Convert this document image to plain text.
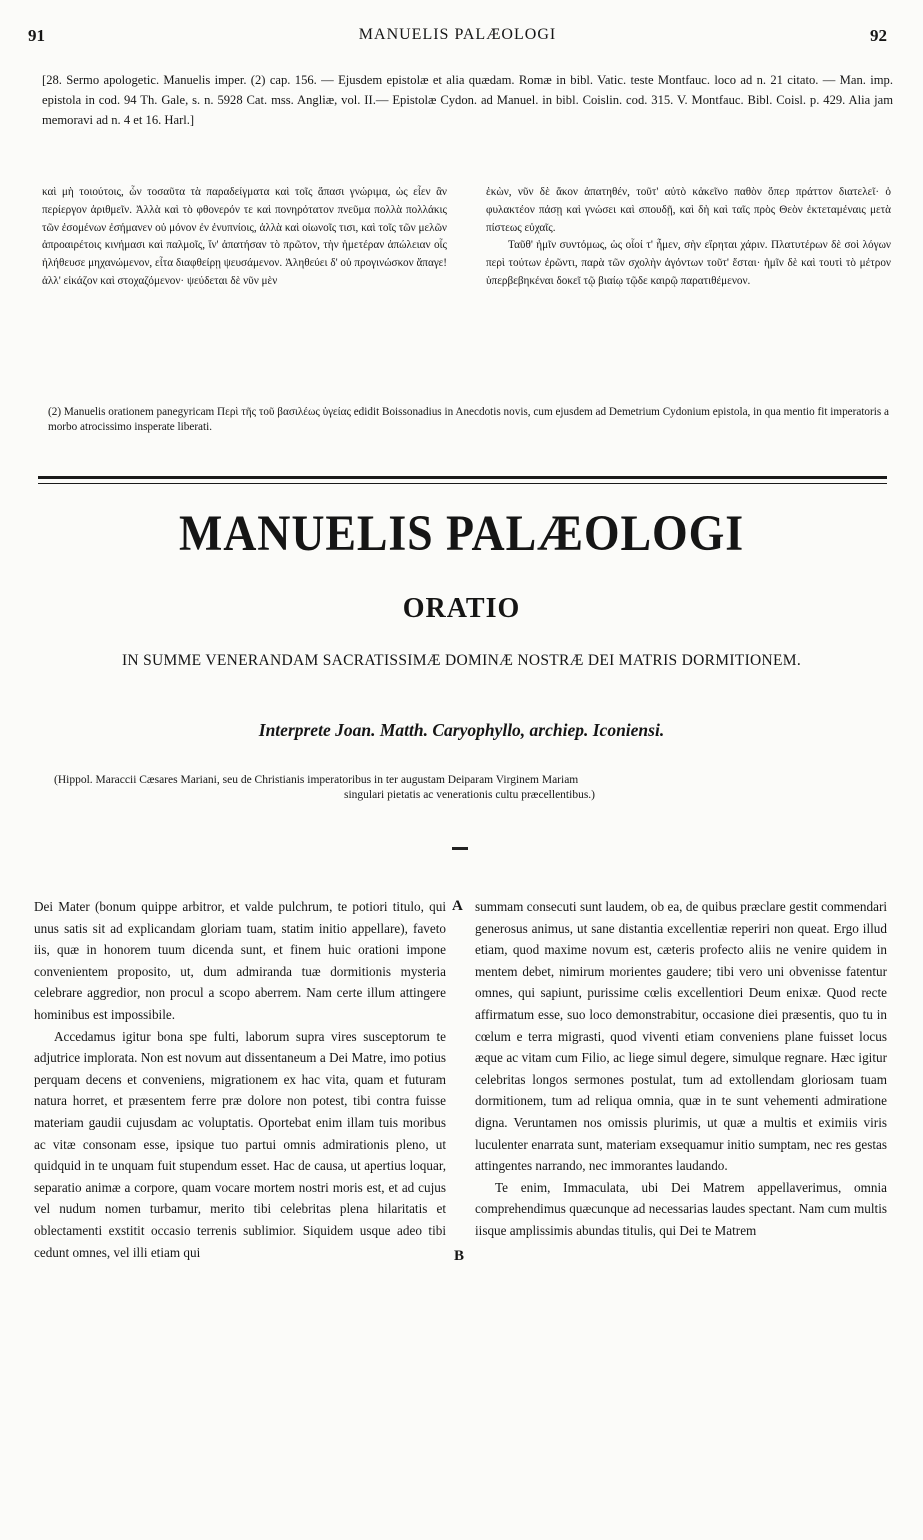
91	MANUELIS PALÆOLOGI	92
[28. Sermo apologetic. Manuelis imper. (2) cap. 156. — Ejusdem epistolæ et alia quædam. Romæ in bibl. Vatic. teste Montfauc. loco ad n. 21 citato. — Man. imp. epistola in cod. 94 Th. Gale, s. n. 5928 Cat. mss. Angliæ, vol. II.— Epistolæ Cydon. ad Manuel. in bibl. Coislin. cod. 315. V. Montfauc. Bibl. Coisl. p. 429. Alia jam memoravi ad n. 4 et 16. Harl.]

καὶ μὴ τοιούτοις, ὧν τοσαῦτα τὰ παραδείγματα καὶ τοῖς ἅπασι γνώριμα, ὡς εἶεν ἂν περίεργον ἀριθμεῖν. Ἀλλὰ καὶ τὸ φθονερόν τε καὶ πονηρότατον πνεῦμα πολλὰ πολλάκις τῶν ἐσομένων ἐσήμανεν οὐ μόνον ἐν ἐνυπνίοις, ἀλλὰ καὶ οἰωνοῖς τισι, καὶ τοῖς τῶν μελῶν ἀπροαιρέτοις κινήμασι καὶ παλμοῖς, ἵν' ἀπατήσαν τὸ πρῶτον, τὴν ἡμετέραν ἀπώλειαν οἷς ἠλήθευσε μηχανώμενον, εἶτα διαφθείρῃ ψευσάμενον. Ἀληθεύει δ' οὐ προγινώσκον ἅπαγε! ἀλλ' εἰκάζον καὶ στοχαζόμενον· ψεύδεται δὲ νῦν μὲν

ἑκὼν, νῦν δὲ ἄκον ἀπατηθέν, τοῦτ' αὐτὸ κἀκεῖνο παθὸν ὅπερ πράττον διατελεῖ· ὁ φυλακτέον πάσῃ καὶ γνώσει καὶ σπουδῇ, καὶ δὴ καὶ ταῖς πρὸς Θεὸν ἐκτεταμέναις μετὰ πίστεως εὐχαῖς.

Ταῦθ' ἡμῖν συντόμως, ὡς οἷοί τ' ἦμεν, σὴν εἴρηται χάριν. Πλατυτέρων δὲ σοὶ λόγων περὶ τούτων ἐρῶντι, παρὰ τῶν σχολὴν ἀγόντων τοῦτ' ἔσται· ἡμῖν δὲ καὶ τουτὶ τὸ μέτρον ὑπερβεβηκέναι δοκεῖ τῷ βιαίῳ τῷδε καιρῷ παρατιθέμενον.

(2) Manuelis orationem panegyricam Περὶ τῆς τοῦ βασιλέως ὑγείας edidit Boissonadius in Anecdotis novis, cum ejusdem ad Demetrium Cydonium epistola, in qua mentio fit imperatoris a morbo atrocissimo insperate liberati.
MANUELIS PALÆOLOGI
ORATIO
IN SUMME VENERANDAM SACRATISSIMÆ DOMINÆ NOSTRÆ DEI MATRIS DORMITIONEM.
Interprete Joan. Matth. Caryophyllo, archiep. Iconiensi.
(Hippol. Maraccii Cæsares Mariani, seu de Christianis imperatoribus in ter augustam Deiparam Virginem Mariam
singulari pietatis ac venerationis cultu præcellentibus.)
A
B

Dei Mater (bonum quippe arbitror, et valde pulchrum, te potiori titulo, qui unus satis sit ad explicandam gloriam tuam, statim initio appellare), faveto iis, quæ in honorem tuum dicenda sunt, et finem huic orationi impone convenientem proposito, ut, dum admiranda tuæ dormitionis mysteria celebrare aggredior, non procul a scopo aberrem. Nam certe illum attingere hominibus est impossibile.

Accedamus igitur bona spe fulti, laborum supra vires susceptorum te adjutrice implorata. Non est novum aut dissentaneum a Dei Matre, imo potius perquam decens et conveniens, migrationem ex hac vita, quam et futuram natura horret, et præsentem ferre præ dolore non potest, tibi contra fuisse materiam gaudii cujusdam ac voluptatis. Oportebat enim illam tuis moribus ac vitæ consonam esse, ipsique tuo partui omnis admirationis pleno, ut quidquid in te unquam fuit stupendum esset. Hac de causa, ut apertius loquar, separatio animæ a corpore, quam vocare mortem nostri moris est, et ad cujus vel nudum nomen turbamur, merito tibi celebritas plena hilaritatis et oblectamenti exstitit occasio terrenis sublimior. Siquidem usque adeo tibi cedunt omnes, vel illi etiam qui

summam consecuti sunt laudem, ob ea, de quibus præclare gestit commendari generosus animus, ut sane distantia excellentiæ reperiri non queat. Ergo illud etiam, quod maxime novum est, cæteris profecto aliis ne venire quidem in mentem debet, nimirum morientes gaudere; tibi vero uni obvenisse fatentur omnes, qui sapiunt, purissime cœlis excellentiori Deum enixæ. Quod recte affirmatum esse, suo loco demonstrabitur, occasione diei præsentis, quo tu in cœlum e terra migrasti, quod viventi etiam conveniens plane fuisset locus æque ac vitam cum Filio, ac liege simul degere, simulque regnare. Hæc igitur celebritas longos sermones postulat, tum ad extollendam gloriosam tuam dormitionem, tum ad reliqua omnia, quæ in te sunt vehementi admiratione digna. Veruntamen nos omissis plurimis, ut quæ a multis et eximiis viris luculenter enarrata sunt, materiam exsequamur initio sumptam, nec res gestas attingentes narrando, nec immorantes laudando.

Te enim, Immaculata, ubi Dei Matrem appellaverimus, omnia comprehendimus quæcunque ad necessarias laudes spectant. Nam cum multis iisque amplissimis abundas titulis, qui Dei te Matrem
